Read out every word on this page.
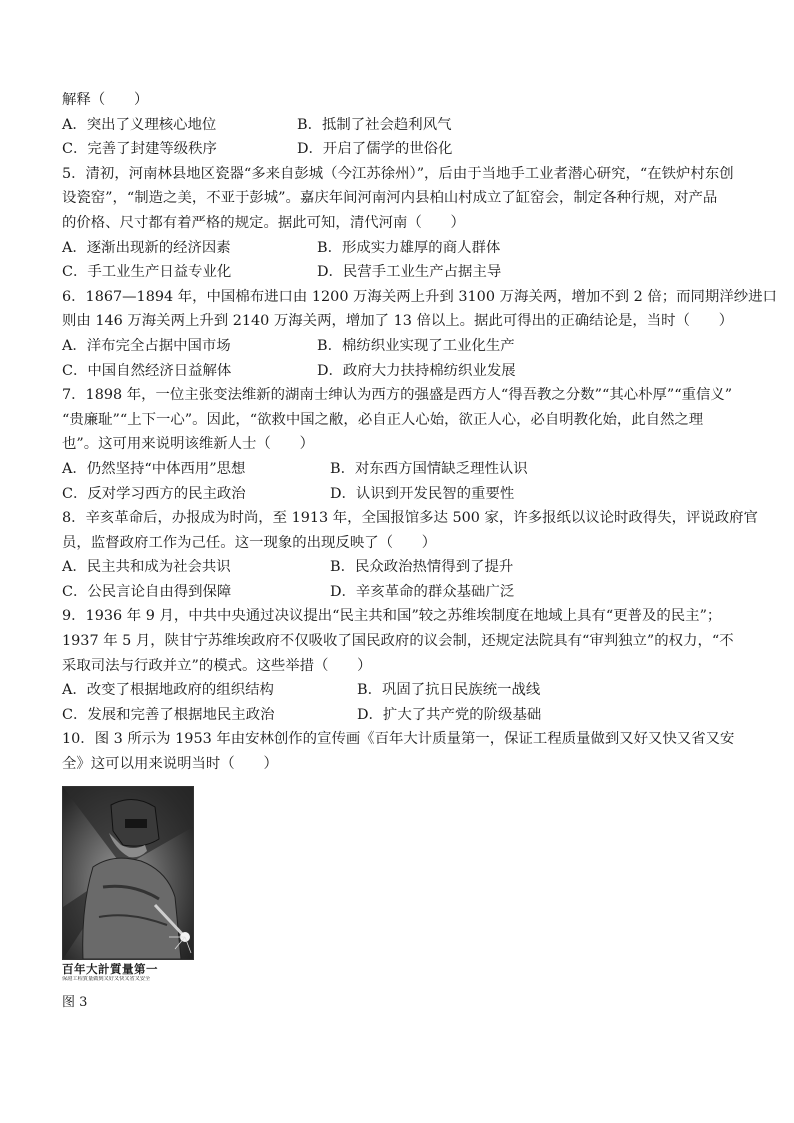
解释（　　）
A．突出了义理核心地位	B．抵制了社会趋利风气
C．完善了封建等级秩序	D．开启了儒学的世俗化
5．清初，河南林县地区瓷器“多来自彭城（今江苏徐州）”，后由于当地手工业者潜心研究，“在铁炉村东创
设瓷窑”，“制造之美，不亚于彭城”。嘉庆年间河南河内县柏山村成立了缸窑会，制定各种行规，对产品
的价格、尺寸都有着严格的规定。据此可知，清代河南（　　）
A．逐渐出现新的经济因素	B．形成实力雄厚的商人群体
C．手工业生产日益专业化	D．民营手工业生产占据主导
6．1867—1894 年，中国棉布进口由 1200 万海关两上升到 3100 万海关两，增加不到 2 倍；而同期洋纱进口
则由 146 万海关两上升到 2140 万海关两，增加了 13 倍以上。据此可得出的正确结论是，当时（　　）
A．洋布完全占据中国市场	B．棉纺织业实现了工业化生产
C．中国自然经济日益解体	D．政府大力扶持棉纺织业发展
7．1898 年，一位主张变法维新的湖南士绅认为西方的强盛是西方人“得吾教之分数”“其心朴厚”“重信义”
“贵廉耻”“上下一心”。因此，“欲救中国之敝，必自正人心始，欲正人心，必自明教化始，此自然之理
也”。这可用来说明该维新人士（　　）
A．仍然坚持“中体西用”思想	B．对东西方国情缺乏理性认识
C．反对学习西方的民主政治	D．认识到开发民智的重要性
8．辛亥革命后，办报成为时尚，至 1913 年，全国报馆多达 500 家，许多报纸以议论时政得失，评说政府官
员，监督政府工作为己任。这一现象的出现反映了（　　）
A．民主共和成为社会共识	B．民众政治热情得到了提升
C．公民言论自由得到保障	D．辛亥革命的群众基础广泛
9．1936 年 9 月，中共中央通过决议提出“民主共和国”较之苏维埃制度在地域上具有“更普及的民主”；
1937 年 5 月，陕甘宁苏维埃政府不仅吸收了国民政府的议会制，还规定法院具有“审判独立”的权力，“不
采取司法与行政并立”的模式。这些举措（　　）
A．改变了根据地政府的组织结构	B．巩固了抗日民族统一战线
C．发展和完善了根据地民主政治	D．扩大了共产党的阶级基础
10．图 3 所示为 1953 年由安林创作的宣传画《百年大计质量第一，保证工程质量做到又好又快又省又安
全》这可以用来说明当时（　　）
百年大計質量第一
保證工程質量做到又好又快又省又安全
图 3
